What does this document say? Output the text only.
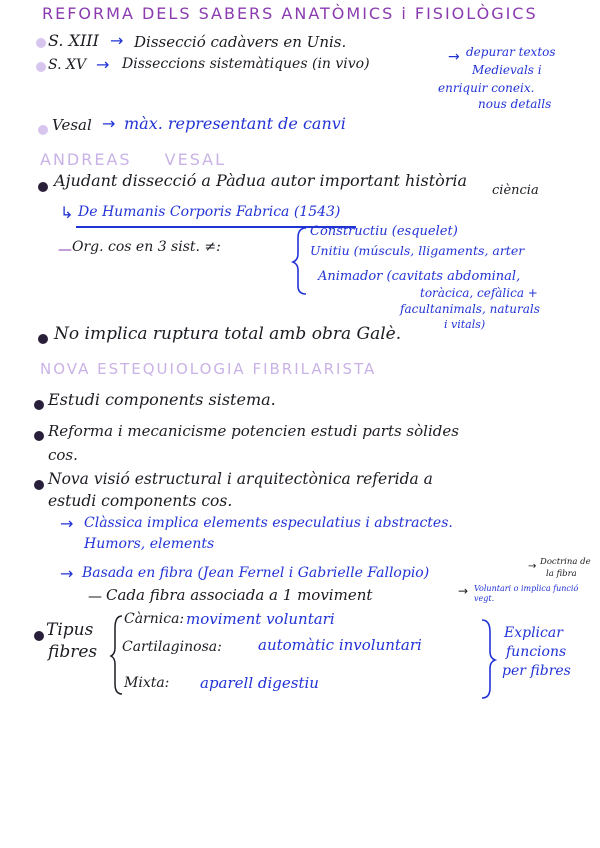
REFORMA DELS SABERS ANATÒMICS i FISIOLÒGICS
S. XIII → Dissecció cadàvers en Unis.
S. XV → Disseccions sistemàtiques (in vivo)	→ depurar textos
Medievals i
enriquir coneix.
nous detalls
Vesal → màx. representant de canvi
ANDREAS VESAL
Ajudant dissecció a Pàdua autor important història
ciència
↳ De Humanis Corporis Fabrica (1543)
— Org. cos en 3 sist. ≠:
Constructiu (esquelet)
Unitiu (músculs, lligaments, arter
Animador (cavitats abdominal,
toràcica, cefàlica +
facultanimals, naturals
i vitals)
No implica ruptura total amb obra Galè.
NOVA ESTEQUIOLOGIA FIBRILARISTA
Estudi components sistema.
Reforma i mecanicisme potencien estudi parts sòlides
cos.
Nova visió estructural i arquitectònica referida a
estudi components cos.
→ Clàssica implica elements especulatius i abstractes.
Humors, elements
→ Basada en fibra (Jean Fernel i Gabrielle Fallopio)	→ Doctrina de
la fibra
— Cada fibra associada a 1 moviment	→ Voluntari o implica funció
vegt.
Tipus
fibres
Càrnica: moviment voluntari
Cartilaginosa: automàtic involuntari
Mixta: aparell digestiu
Explicar
funcions
per fibres
